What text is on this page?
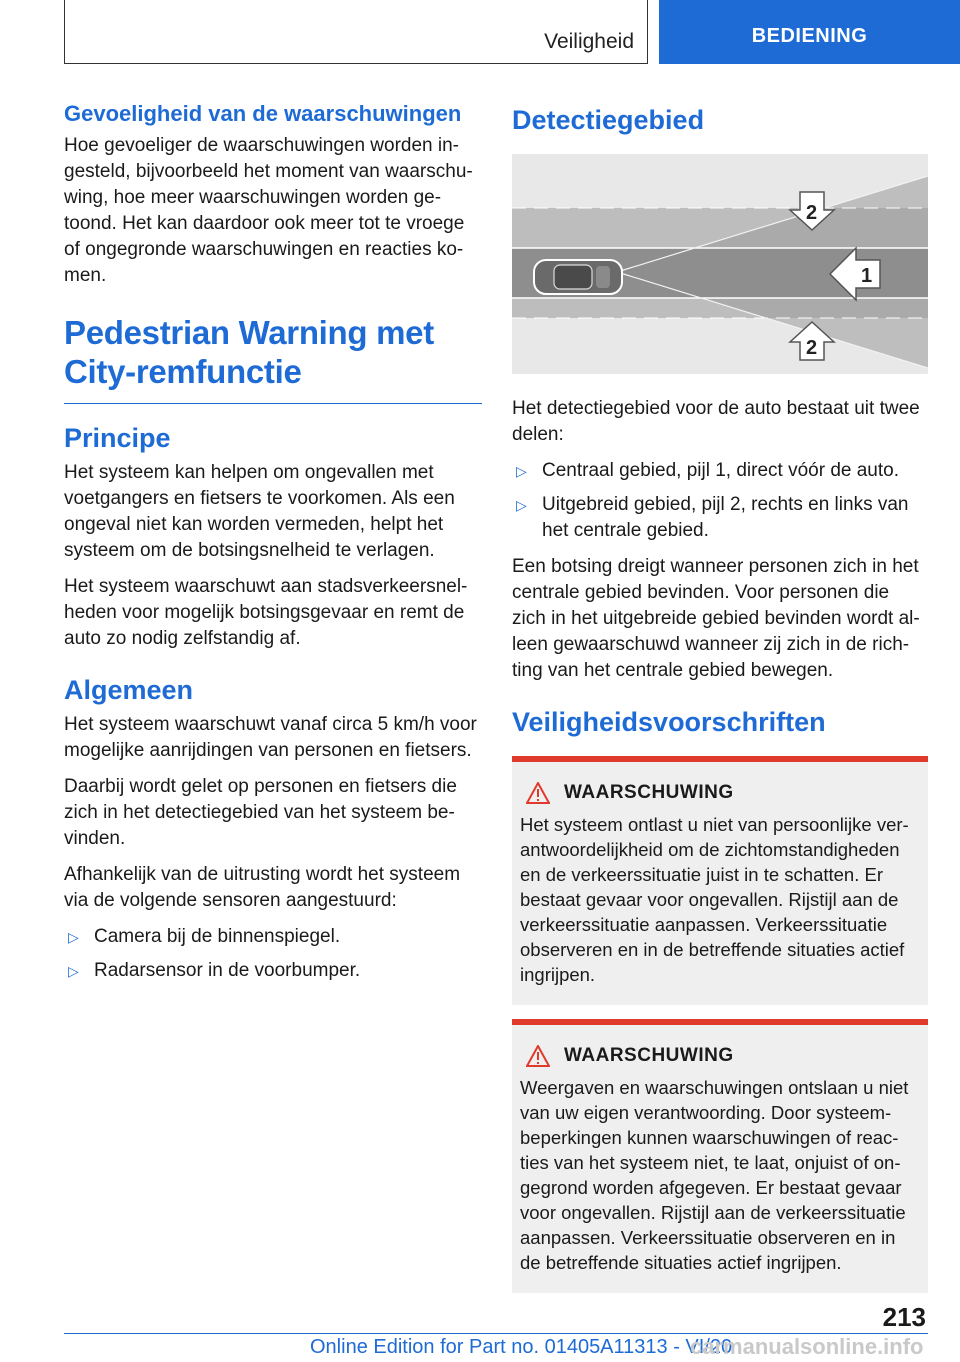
Veiligheid	BEDIENING
Gevoeligheid van de waarschuwingen

Hoe gevoeliger de waarschuwingen worden in-gesteld, bijvoorbeeld het moment van waarschu-wing, hoe meer waarschuwingen worden ge-toond. Het kan daardoor ook meer tot te vroege of ongegronde waarschuwingen en reacties ko-men.

Pedestrian Warning met City-remfunctie
Principe

Het systeem kan helpen om ongevallen met voetgangers en fietsers te voorkomen. Als een ongeval niet kan worden vermeden, helpt het systeem om de botsingsnelheid te verlagen.

Het systeem waarschuwt aan stadsverkeersnel-heden voor mogelijk botsingsgevaar en remt de auto zo nodig zelfstandig af.

Algemeen

Het systeem waarschuwt vanaf circa 5 km/h voor mogelijke aanrijdingen van personen en fietsers.

Daarbij wordt gelet op personen en fietsers die zich in het detectiegebied van het systeem be-vinden.

Afhankelijk van de uitrusting wordt het systeem via de volgende sensoren aangestuurd:

▷ Camera bij de binnenspiegel.
▷ Radarsensor in de voorbumper.
Detectiegebied
1
2
2

Het detectiegebied voor de auto bestaat uit twee delen:

▷ Centraal gebied, pijl 1, direct vóór de auto.
▷ Uitgebreid gebied, pijl 2, rechts en links van het centrale gebied.

Een botsing dreigt wanneer personen zich in het centrale gebied bevinden. Voor personen die zich in het uitgebreide gebied bevinden wordt al-leen gewaarschuwd wanneer zij zich in de rich-ting van het centrale gebied bewegen.

Veiligheidsvoorschriften
WAARSCHUWING

Het systeem ontlast u niet van persoonlijke ver-antwoordelijkheid om de zichtomstandigheden en de verkeerssituatie juist in te schatten. Er bestaat gevaar voor ongevallen. Rijstijl aan de verkeerssituatie aanpassen. Verkeerssituatie observeren en in de betreffende situaties actief ingrijpen.

WAARSCHUWING

Weergaven en waarschuwingen ontslaan u niet van uw eigen verantwoording. Door systeem-beperkingen kunnen waarschuwingen of reac-ties van het systeem niet, te laat, onjuist of on-gegrond worden afgegeven. Er bestaat gevaar voor ongevallen. Rijstijl aan de verkeerssituatie aanpassen. Verkeerssituatie observeren en in de betreffende situaties actief ingrijpen.

213
Online Edition for Part no. 01405A11313 - VI/20
carmanualsonline.info
